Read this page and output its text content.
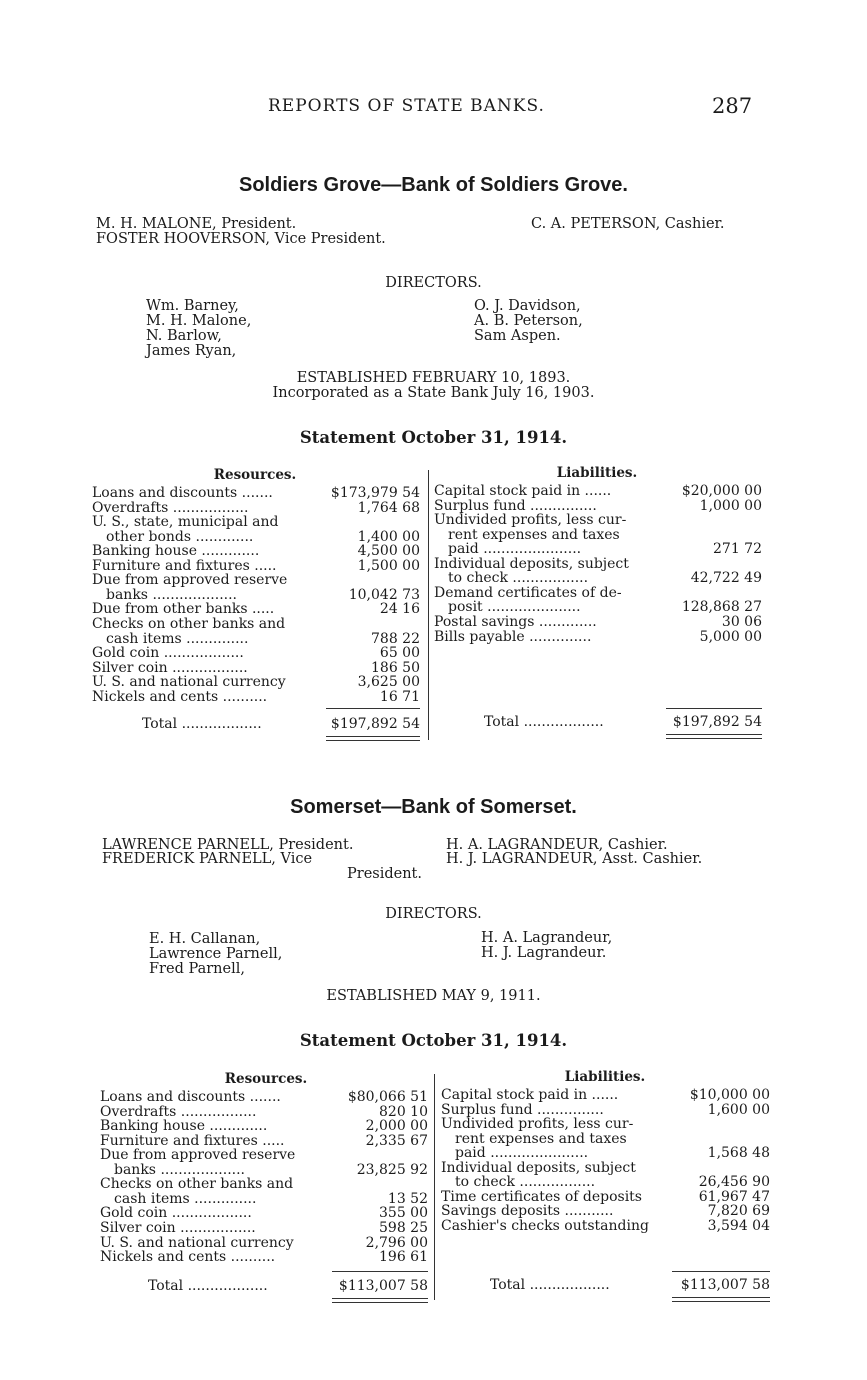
REPORTS OF STATE BANKS.	287
Soldiers Grove—Bank of Soldiers Grove.
M. H. MALONE, President.
FOSTER HOOVERSON, Vice President.
C. A. PETERSON, Cashier.
DIRECTORS.
Wm. Barney,
M. H. Malone,
N. Barlow,
James Ryan,
O. J. Davidson,
A. B. Peterson,
Sam Aspen.
ESTABLISHED FEBRUARY 10, 1893.
Incorporated as a State Bank July 16, 1903.
Statement October 31, 1914.
Resources.	Liabilities.
Loans and discounts .......	$173,979 54
Overdrafts .................	1,764 68
U. S., state, municipal and
other bonds .............	1,400 00
Banking house .............	4,500 00
Furniture and fixtures .....	1,500 00
Due from approved reserve
banks ...................	10,042 73
Due from other banks .....	24 16
Checks on other banks and
cash items ..............	788 22
Gold coin ..................	65 00
Silver coin .................	186 50
U. S. and national currency	3,625 00
Nickels and cents ..........	16 71
Capital stock paid in ......	$20,000 00
Surplus fund ...............	1,000 00
Undivided profits, less cur-
rent expenses and taxes
paid ......................	271 72
Individual deposits, subject
to check .................	42,722 49
Demand certificates of de-
posit .....................	128,868 27
Postal savings .............	30 06
Bills payable ..............	5,000 00
Total ..................	$197,892 54	Total ..................	$197,892 54
Somerset—Bank of Somerset.
LAWRENCE PARNELL, President.
FREDERICK PARNELL, Vice
President.
H. A. LAGRANDEUR, Cashier.
H. J. LAGRANDEUR, Asst. Cashier.
DIRECTORS.
E. H. Callanan,
Lawrence Parnell,
Fred Parnell,
H. A. Lagrandeur,
H. J. Lagrandeur.
ESTABLISHED MAY 9, 1911.
Statement October 31, 1914.
Resources.	Liabilities.
Loans and discounts .......	$80,066 51
Overdrafts .................	820 10
Banking house .............	2,000 00
Furniture and fixtures .....	2,335 67
Due from approved reserve
banks ...................	23,825 92
Checks on other banks and
cash items ..............	13 52
Gold coin ..................	355 00
Silver coin .................	598 25
U. S. and national currency	2,796 00
Nickels and cents ..........	196 61
Capital stock paid in ......	$10,000 00
Surplus fund ...............	1,600 00
Undivided profits, less cur-
rent expenses and taxes
paid ......................	1,568 48
Individual deposits, subject
to check .................	26,456 90
Time certificates of deposits	61,967 47
Savings deposits ...........	7,820 69
Cashier's checks outstanding	3,594 04
Total ..................	$113,007 58	Total ..................	$113,007 58
